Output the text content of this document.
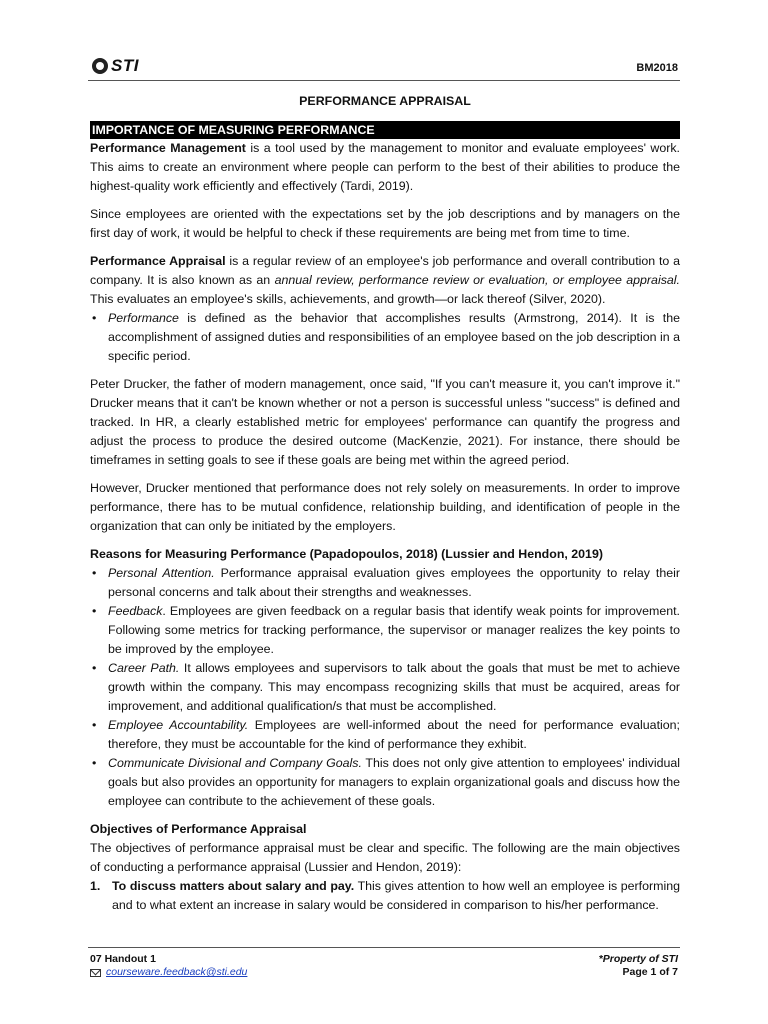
STI	BM2018
PERFORMANCE APPRAISAL
IMPORTANCE OF MEASURING PERFORMANCE

Performance Management is a tool used by the management to monitor and evaluate employees' work. This aims to create an environment where people can perform to the best of their abilities to produce the highest-quality work efficiently and effectively (Tardi, 2019).

Since employees are oriented with the expectations set by the job descriptions and by managers on the first day of work, it would be helpful to check if these requirements are being met from time to time.

Performance Appraisal is a regular review of an employee's job performance and overall contribution to a company. It is also known as an annual review, performance review or evaluation, or employee appraisal. This evaluates an employee's skills, achievements, and growth—or lack thereof (Silver, 2020).

• Performance is defined as the behavior that accomplishes results (Armstrong, 2014). It is the accomplishment of assigned duties and responsibilities of an employee based on the job description in a specific period.

Peter Drucker, the father of modern management, once said, "If you can't measure it, you can't improve it." Drucker means that it can't be known whether or not a person is successful unless "success" is defined and tracked. In HR, a clearly established metric for employees' performance can quantify the progress and adjust the process to produce the desired outcome (MacKenzie, 2021). For instance, there should be timeframes in setting goals to see if these goals are being met within the agreed period.

However, Drucker mentioned that performance does not rely solely on measurements. In order to improve performance, there has to be mutual confidence, relationship building, and identification of people in the organization that can only be initiated by the employers.

Reasons for Measuring Performance (Papadopoulos, 2018) (Lussier and Hendon, 2019)
• Personal Attention. Performance appraisal evaluation gives employees the opportunity to relay their personal concerns and talk about their strengths and weaknesses.
• Feedback. Employees are given feedback on a regular basis that identify weak points for improvement. Following some metrics for tracking performance, the supervisor or manager realizes the key points to be improved by the employee.
• Career Path. It allows employees and supervisors to talk about the goals that must be met to achieve growth within the company. This may encompass recognizing skills that must be acquired, areas for improvement, and additional qualification/s that must be accomplished.
• Employee Accountability. Employees are well-informed about the need for performance evaluation; therefore, they must be accountable for the kind of performance they exhibit.
• Communicate Divisional and Company Goals. This does not only give attention to employees' individual goals but also provides an opportunity for managers to explain organizational goals and discuss how the employee can contribute to the achievement of these goals.
Objectives of Performance Appraisal

The objectives of performance appraisal must be clear and specific. The following are the main objectives of conducting a performance appraisal (Lussier and Hendon, 2019):

1. To discuss matters about salary and pay. This gives attention to how well an employee is performing and to what extent an increase in salary would be considered in comparison to his/her performance.
07 Handout 1
courseware.feedback@sti.edu
*Property of STI
Page 1 of 7
